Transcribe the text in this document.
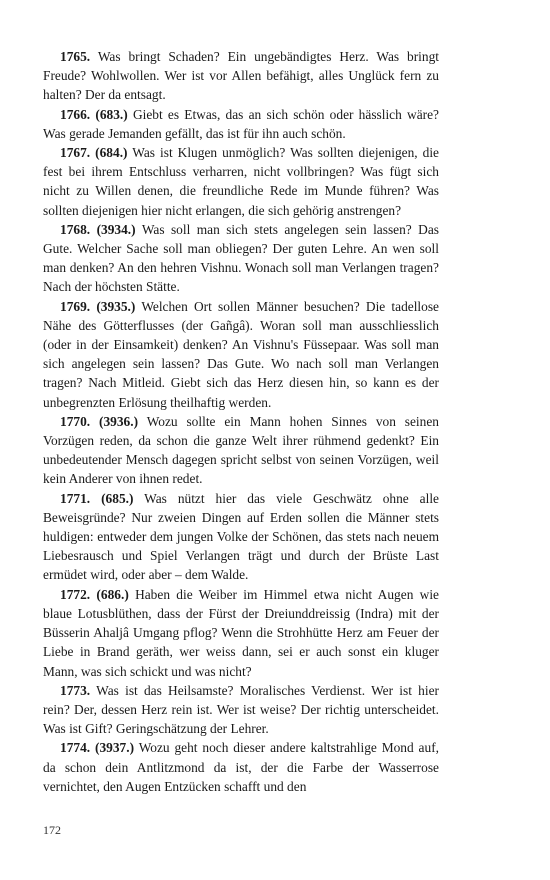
1765. Was bringt Schaden? Ein ungebändigtes Herz. Was bringt Freude? Wohlwollen. Wer ist vor Allen befähigt, alles Unglück fern zu halten? Der da entsagt.

1766. (683.) Giebt es Etwas, das an sich schön oder hässlich wäre? Was gerade Jemanden gefällt, das ist für ihn auch schön.

1767. (684.) Was ist Klugen unmöglich? Was sollten diejenigen, die fest bei ihrem Entschluss verharren, nicht vollbringen? Was fügt sich nicht zu Willen denen, die freundliche Rede im Munde führen? Was sollten diejenigen hier nicht erlangen, die sich gehörig anstrengen?

1768. (3934.) Was soll man sich stets angelegen sein lassen? Das Gute. Welcher Sache soll man obliegen? Der guten Lehre. An wen soll man denken? An den hehren Vishnu. Wonach soll man Verlangen tragen? Nach der höchsten Stätte.

1769. (3935.) Welchen Ort sollen Männer besuchen? Die tadellose Nähe des Götterflusses (der Gañgâ). Woran soll man ausschliesslich (oder in der Einsamkeit) denken? An Vishnu's Füssepaar. Was soll man sich angelegen sein lassen? Das Gute. Wo nach soll man Verlangen tragen? Nach Mitleid. Giebt sich das Herz diesen hin, so kann es der unbegrenzten Erlösung theilhaftig werden.

1770. (3936.) Wozu sollte ein Mann hohen Sinnes von seinen Vorzügen reden, da schon die ganze Welt ihrer rühmend gedenkt? Ein unbedeutender Mensch dagegen spricht selbst von seinen Vorzügen, weil kein Anderer von ihnen redet.

1771. (685.) Was nützt hier das viele Geschwätz ohne alle Beweisgründe? Nur zweien Dingen auf Erden sollen die Männer stets huldigen: entweder dem jungen Volke der Schönen, das stets nach neuem Liebesrausch und Spiel Verlangen trägt und durch der Brüste Last ermüdet wird, oder aber – dem Walde.

1772. (686.) Haben die Weiber im Himmel etwa nicht Augen wie blaue Lotusblüthen, dass der Fürst der Dreiunddreissig (Indra) mit der Büsserin Ahaljâ Umgang pflog? Wenn die Strohhütte Herz am Feuer der Liebe in Brand geräth, wer weiss dann, sei er auch sonst ein kluger Mann, was sich schickt und was nicht?

1773. Was ist das Heilsamste? Moralisches Verdienst. Wer ist hier rein? Der, dessen Herz rein ist. Wer ist weise? Der richtig unterscheidet. Was ist Gift? Geringschätzung der Lehrer.

1774. (3937.) Wozu geht noch dieser andere kaltstrahlige Mond auf, da schon dein Antlitzmond da ist, der die Farbe der Wasserrose vernichtet, den Augen Entzücken schafft und den

172
